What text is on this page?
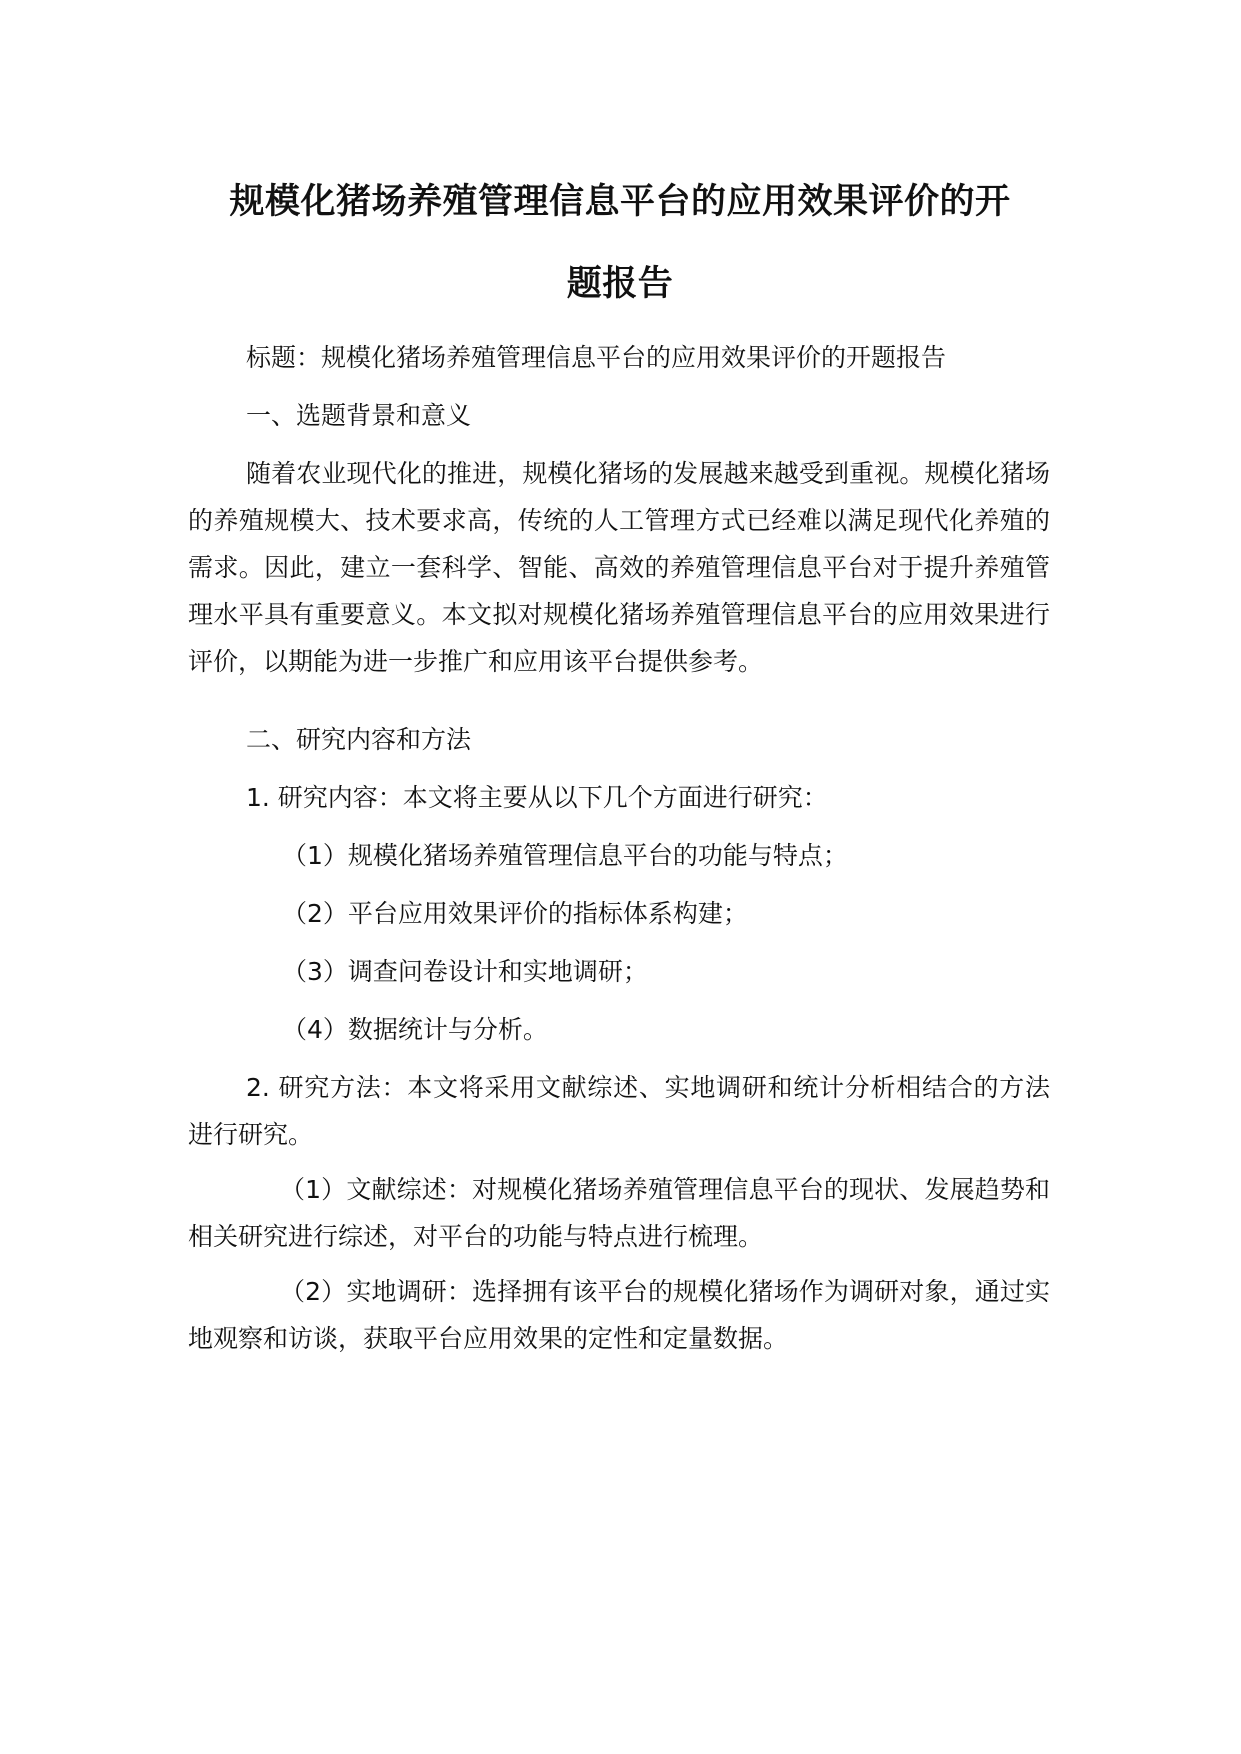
规模化猪场养殖管理信息平台的应用效果评价的开
题报告

标题：规模化猪场养殖管理信息平台的应用效果评价的开题报告

一、选题背景和意义

随着农业现代化的推进，规模化猪场的发展越来越受到重视。规模化猪场的养殖规模大、技术要求高，传统的人工管理方式已经难以满足现代化养殖的需求。因此，建立一套科学、智能、高效的养殖管理信息平台对于提升养殖管理水平具有重要意义。本文拟对规模化猪场养殖管理信息平台的应用效果进行评价，以期能为进一步推广和应用该平台提供参考。

二、研究内容和方法

1. 研究内容：本文将主要从以下几个方面进行研究：

（1）规模化猪场养殖管理信息平台的功能与特点；

（2）平台应用效果评价的指标体系构建；

（3）调查问卷设计和实地调研；

（4）数据统计与分析。

2. 研究方法：本文将采用文献综述、实地调研和统计分析相结合的方法进行研究。

（1）文献综述：对规模化猪场养殖管理信息平台的现状、发展趋势和相关研究进行综述，对平台的功能与特点进行梳理。

（2）实地调研：选择拥有该平台的规模化猪场作为调研对象，通过实地观察和访谈，获取平台应用效果的定性和定量数据。
